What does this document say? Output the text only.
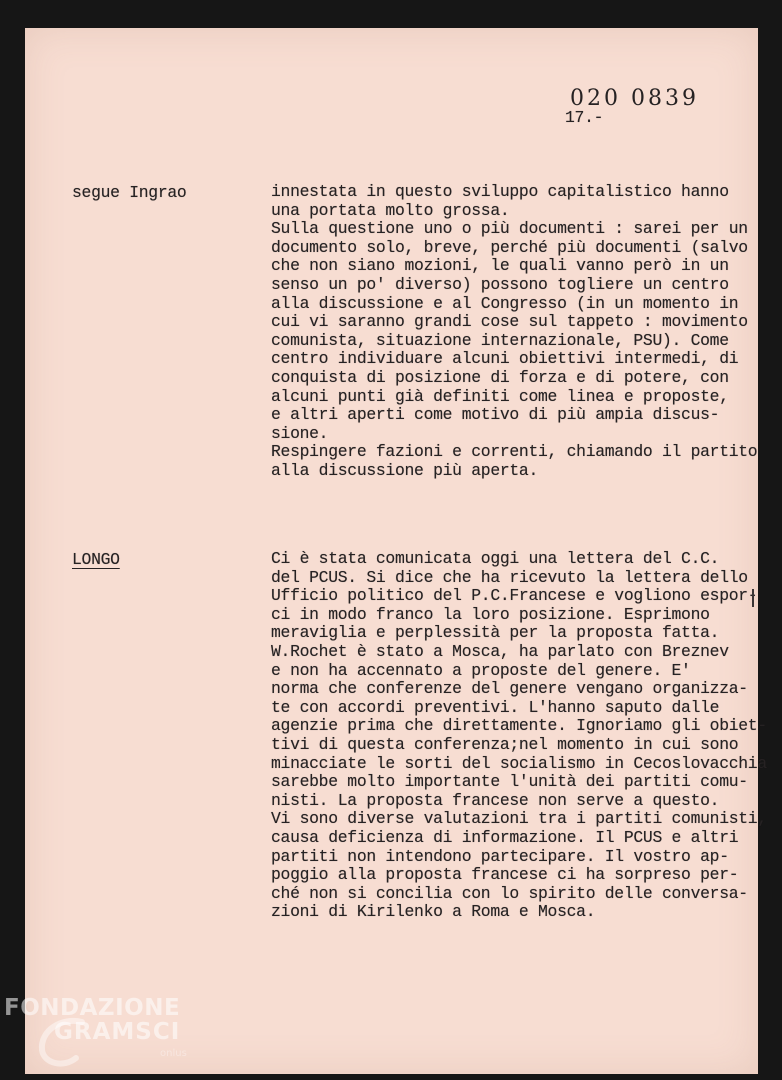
020 0839
17.-
segue Ingrao	innestata in questo sviluppo capitalistico hanno
una portata molto grossa.
Sulla questione uno o più documenti : sarei per un
documento solo, breve, perché più documenti (salvo
che non siano mozioni, le quali vanno però in un
senso un po' diverso) possono togliere un centro
alla discussione e al Congresso (in un momento in
cui vi saranno grandi cose sul tappeto : movimento
comunista, situazione internazionale, PSU). Come
centro individuare alcuni obiettivi intermedi, di
conquista di posizione di forza e di potere, con
alcuni punti già definiti come linea e proposte,
e altri aperti come motivo di più ampia discus-
sione.
Respingere fazioni e correnti, chiamando il partito
alla discussione più aperta.
LONGO	Ci è stata comunicata oggi una lettera del C.C.
del PCUS. Si dice che ha ricevuto la lettera dello
Ufficio politico del P.C.Francese e vogliono espor-
ci in modo franco la loro posizione. Esprimono
meraviglia e perplessità per la proposta fatta.
W.Rochet è stato a Mosca, ha parlato con Breznev
e non ha accennato a proposte del genere. E'
norma che conferenze del genere vengano organizza-
te con accordi preventivi. L'hanno saputo dalle
agenzie prima che direttamente. Ignoriamo gli obiet-
tivi di questa conferenza;nel momento in cui sono
minacciate le sorti del socialismo in Cecoslovacchia
sarebbe molto importante l'unità dei partiti comu-
nisti. La proposta francese non serve a questo.
Vi sono diverse valutazioni tra i partiti comunisti,
causa deficienza di informazione. Il PCUS e altri
partiti non intendono partecipare. Il vostro ap-
poggio alla proposta francese ci ha sorpreso per-
ché non si concilia con lo spirito delle conversa-
zioni di Kirilenko a Roma e Mosca.
FONDAZIONE
GRAMSCI
onlus
